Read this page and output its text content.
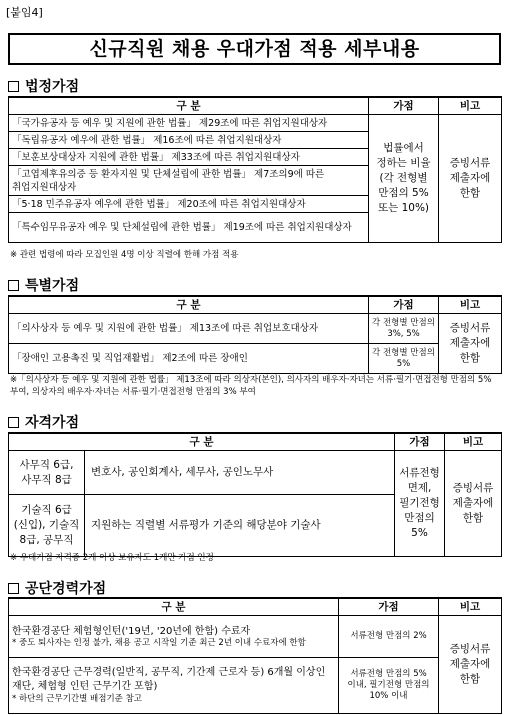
[붙임4]
신규직원 채용 우대가점 적용 세부내용
법정가점
구 분	가점	비고
「국가유공자 등 예우 및 지원에 관한 법률」 제29조에 따른 취업지원대상자	법률에서 정하는 비율 (각 전형별 만점의 5% 또는 10%)	증빙서류 제출자에 한함
「독립유공자 예우에 관한 법률」 제16조에 따른 취업지원대상자		
「보훈보상대상자 지원에 관한 법률」 제33조에 따른 취업지원대상자		
「고엽제후유의증 등 환자지원 및 단체설립에 관한 법률」 제7조의9에 따른 취업지원대상자		
「5·18 민주유공자 예우에 관한 법률」 제20조에 따른 취업지원대상자		
「특수임무유공자 예우 및 단체설립에 관한 법률」 제19조에 따른 취업지원대상자		
※ 관련 법령에 따라 모집인원 4명 이상 직렬에 한해 가점 적용
특별가점
구 분	가점	비고
「의사상자 등 예우 및 지원에 관한 법률」 제13조에 따른 취업보호대상자	각 전형별 만점의 3%, 5%	증빙서류 제출자에 한함
「장애인 고용촉진 및 직업재활법」 제2조에 따른 장애인	각 전형별 만점의 5%	
※「의사상자 등 예우 및 지원에 관한 법률」 제13조에 따라 의상자(본인), 의사자의 배우자·자녀는 서류·필기·면접전형 만점의 5% 부여, 의상자의 배우자·자녀는 서류·필기·면접전형 만점의 3% 부여
자격가점
구 분		가점	비고
사무직 6급, 사무직 8급	변호사, 공인회계사, 세무사, 공인노무사	서류전형 면제, 필기전형 만점의 5%	증빙서류 제출자에 한함
기술직 6급(신입), 기술직 8급, 공무직	지원하는 직렬별 서류평가 기준의 해당분야 기술사		
※ 우대가점 자격증 2개 이상 보유자도 1개만 가점 인정
공단경력가점
구 분	가점	비고

한국환경공단 체험형인턴('19년, '20년에 한함) 수료자
* 중도 퇴사자는 인정 불가, 채용 공고 시작일 기준 최근 2년 이내 수료자에 한함	서류전형 만점의 2%	증빙서류 제출자에 한함

한국환경공단 근무경력(일반직, 공무직, 기간제 근로자 등) 6개월 이상인 재단, 체험형 인턴 근무기간 포함)
* 하단의 근무기간별 배점기준 참고	서류전형 만점의 5% 이내, 필기전형 만점의 10% 이내	
